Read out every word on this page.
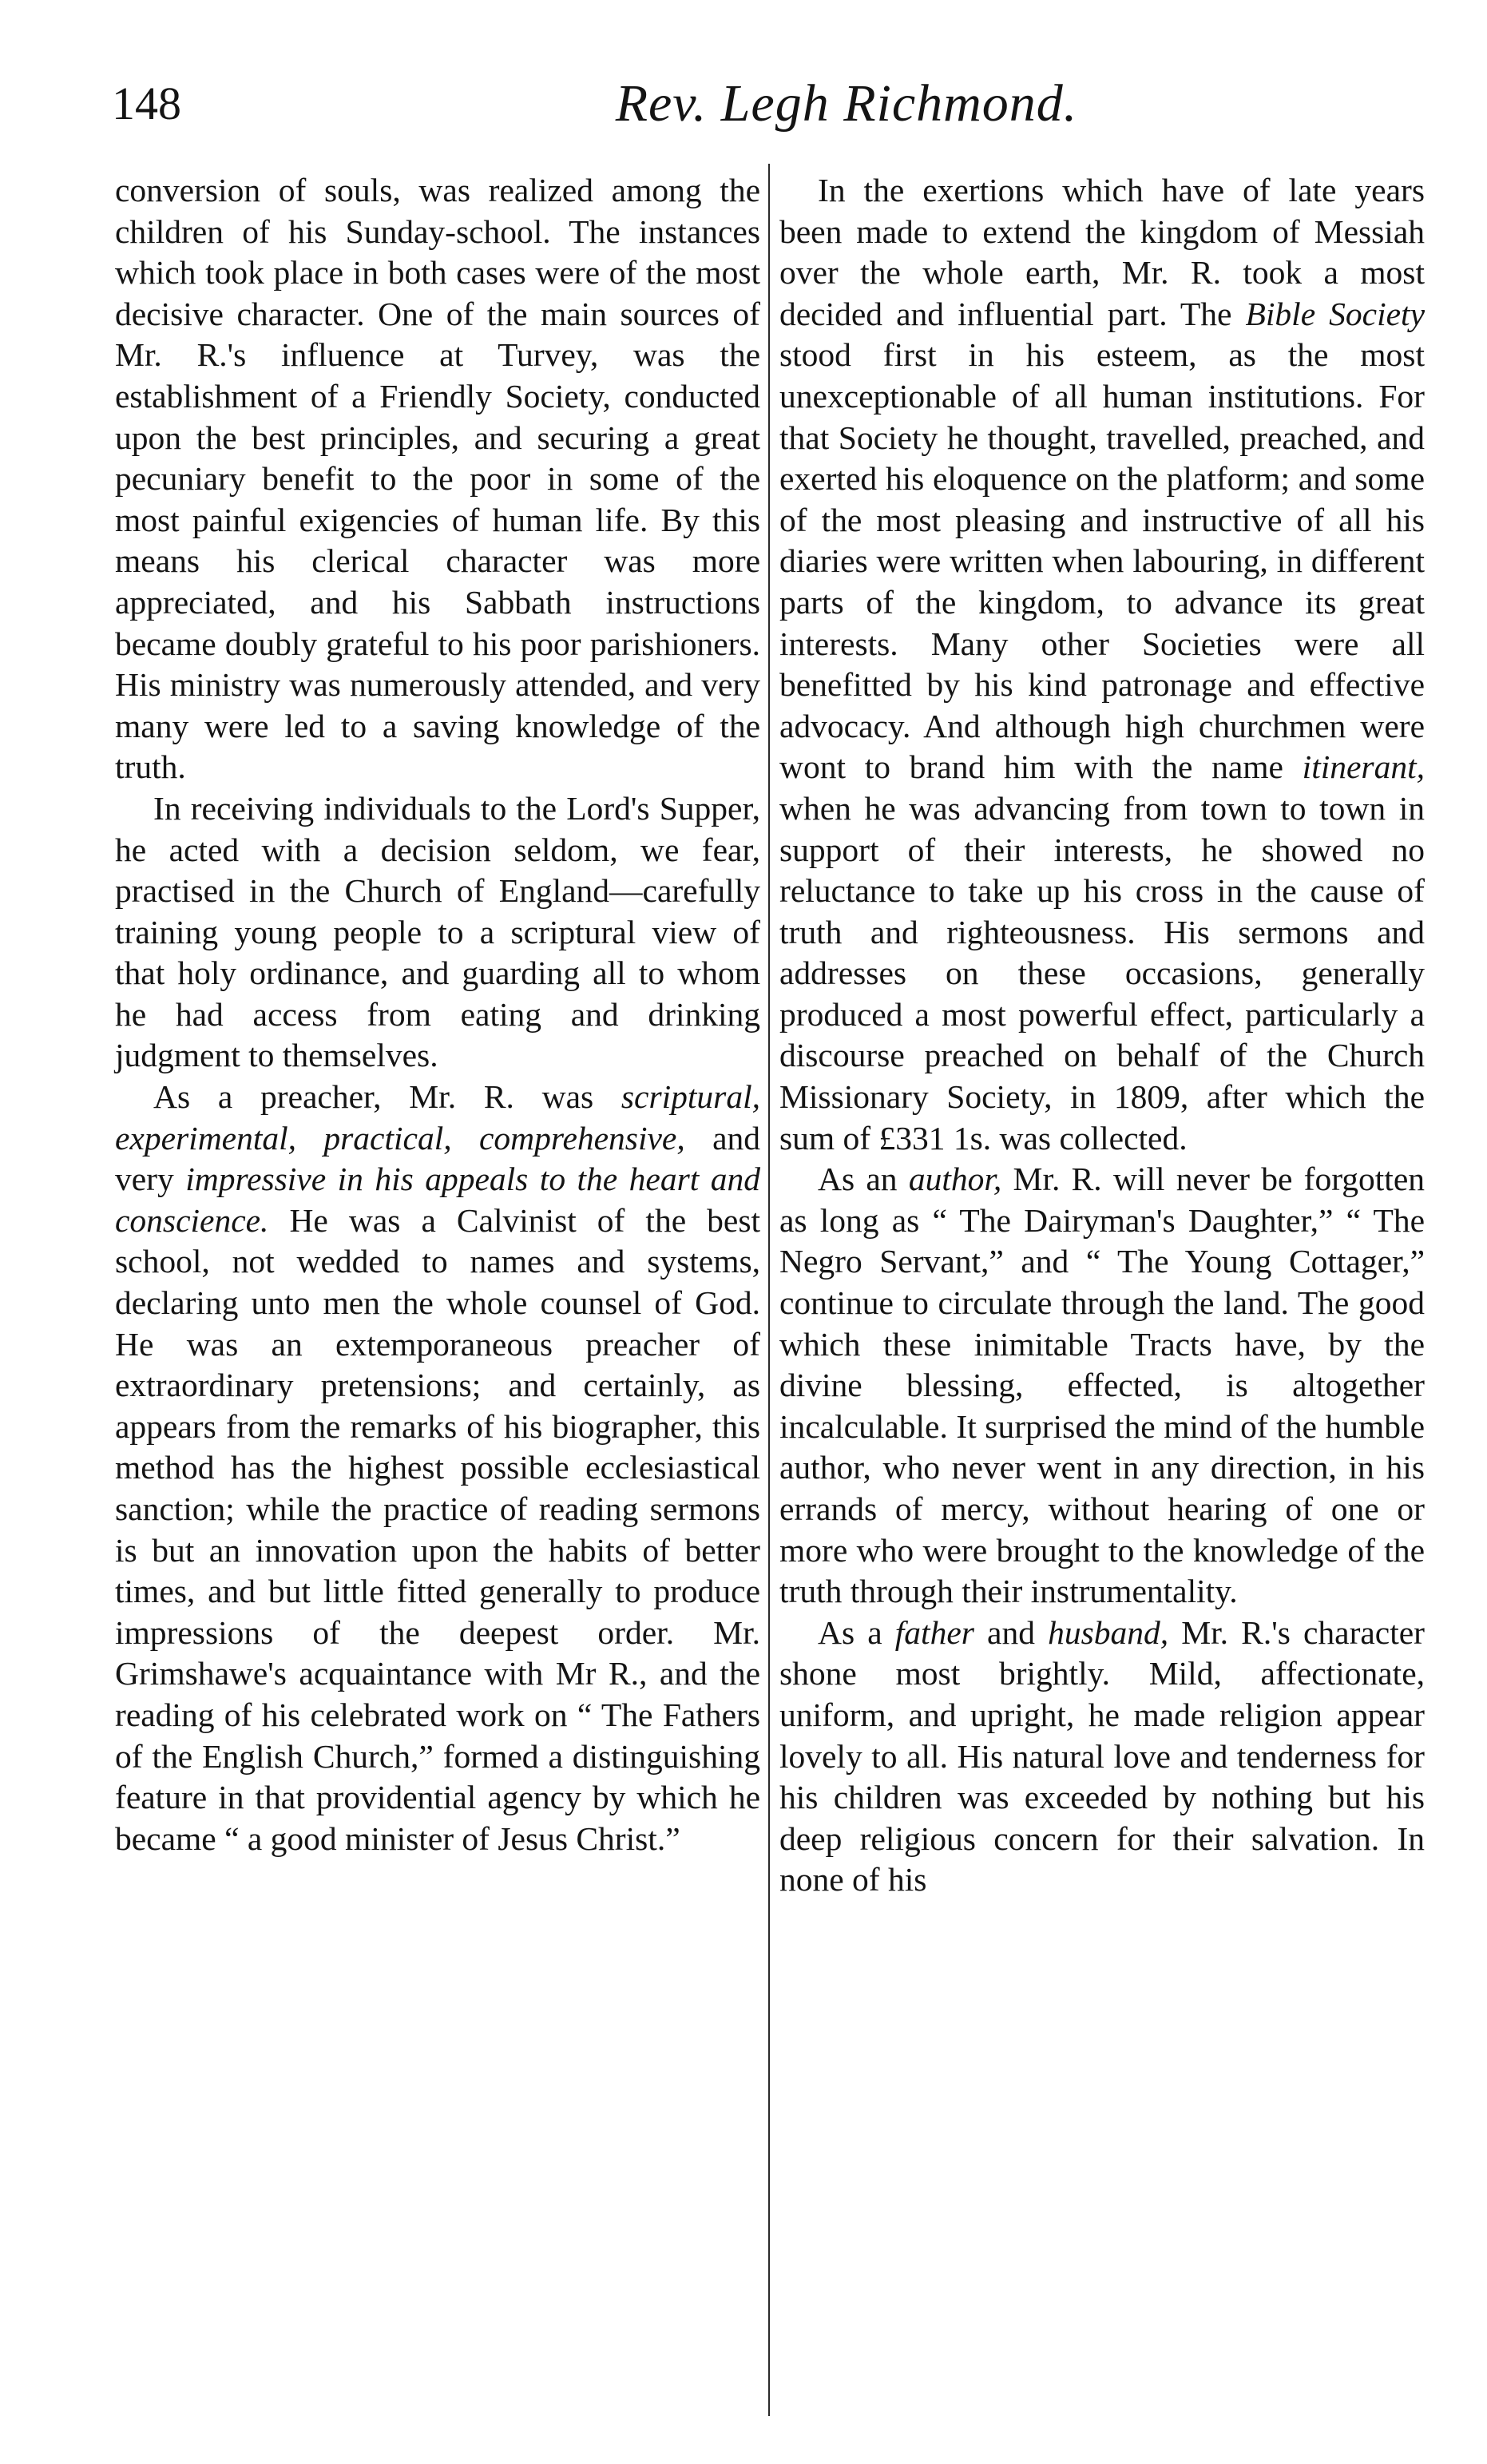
148	Rev. Legh Richmond.

conversion of souls, was realized among the children of his Sunday-school. The instances which took place in both cases were of the most decisive character. One of the main sources of Mr. R.'s influence at Turvey, was the establishment of a Friendly Society, conducted upon the best principles, and securing a great pecuniary benefit to the poor in some of the most painful exigencies of human life. By this means his clerical character was more appreciated, and his Sabbath instructions became doubly grateful to his poor parishioners. His ministry was numerously attended, and very many were led to a saving knowledge of the truth.

In receiving individuals to the Lord's Supper, he acted with a decision seldom, we fear, practised in the Church of England—carefully training young people to a scriptural view of that holy ordinance, and guarding all to whom he had access from eating and drinking judgment to themselves.

As a preacher, Mr. R. was scriptural, experimental, practical, comprehensive, and very impressive in his appeals to the heart and conscience. He was a Calvinist of the best school, not wedded to names and systems, declaring unto men the whole counsel of God. He was an extemporaneous preacher of extraordinary pretensions; and certainly, as appears from the remarks of his biographer, this method has the highest possible ecclesiastical sanction; while the practice of reading sermons is but an innovation upon the habits of better times, and but little fitted generally to produce impressions of the deepest order. Mr. Grimshawe's acquaintance with Mr R., and the reading of his celebrated work on “ The Fathers of the English Church,” formed a distinguishing feature in that providential agency by which he became “ a good minister of Jesus Christ.”

In the exertions which have of late years been made to extend the kingdom of Messiah over the whole earth, Mr. R. took a most decided and influential part. The Bible Society stood first in his esteem, as the most unexceptionable of all human institutions. For that Society he thought, travelled, preached, and exerted his eloquence on the platform; and some of the most pleasing and instructive of all his diaries were written when labouring, in different parts of the kingdom, to advance its great interests. Many other Societies were all benefitted by his kind patronage and effective advocacy. And although high churchmen were wont to brand him with the name itinerant, when he was advancing from town to town in support of their interests, he showed no reluctance to take up his cross in the cause of truth and righteousness. His sermons and addresses on these occasions, generally produced a most powerful effect, particularly a discourse preached on behalf of the Church Missionary Society, in 1809, after which the sum of £331 1s. was collected.

As an author, Mr. R. will never be forgotten as long as “ The Dairyman's Daughter,” “ The Negro Servant,” and “ The Young Cottager,” continue to circulate through the land. The good which these inimitable Tracts have, by the divine blessing, effected, is altogether incalculable. It surprised the mind of the humble author, who never went in any direction, in his errands of mercy, without hearing of one or more who were brought to the knowledge of the truth through their instrumentality.

As a father and husband, Mr. R.'s character shone most brightly. Mild, affectionate, uniform, and upright, he made religion appear lovely to all. His natural love and tenderness for his children was exceeded by nothing but his deep religious concern for their salvation. In none of his
